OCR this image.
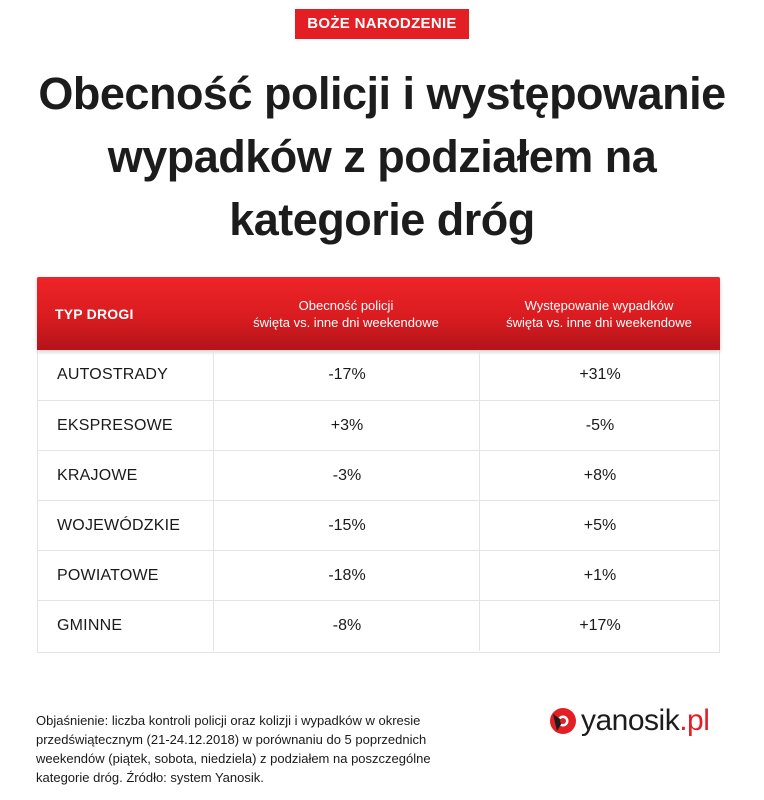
BOŻE NARODZENIE
Obecność policji i występowanie
wypadków z podziałem na
kategorie dróg
TYP DROGI
Obecność policji
święta vs. inne dni weekendowe
Występowanie wypadków
święta vs. inne dni weekendowe
AUTOSTRADY	-17%	+31%
EKSPRESOWE	+3%	-5%
KRAJOWE	-3%	+8%
WOJEWÓDZKIE	-15%	+5%
POWIATOWE	-18%	+1%
GMINNE	-8%	+17%
Objaśnienie: liczba kontroli policji oraz kolizji i wypadków w okresie
przedświątecznym (21-24.12.2018) w porównaniu do 5 poprzednich
weekendów (piątek, sobota, niedziela) z podziałem na poszczególne
kategorie dróg. Źródło: system Yanosik.
yanosik.pl
